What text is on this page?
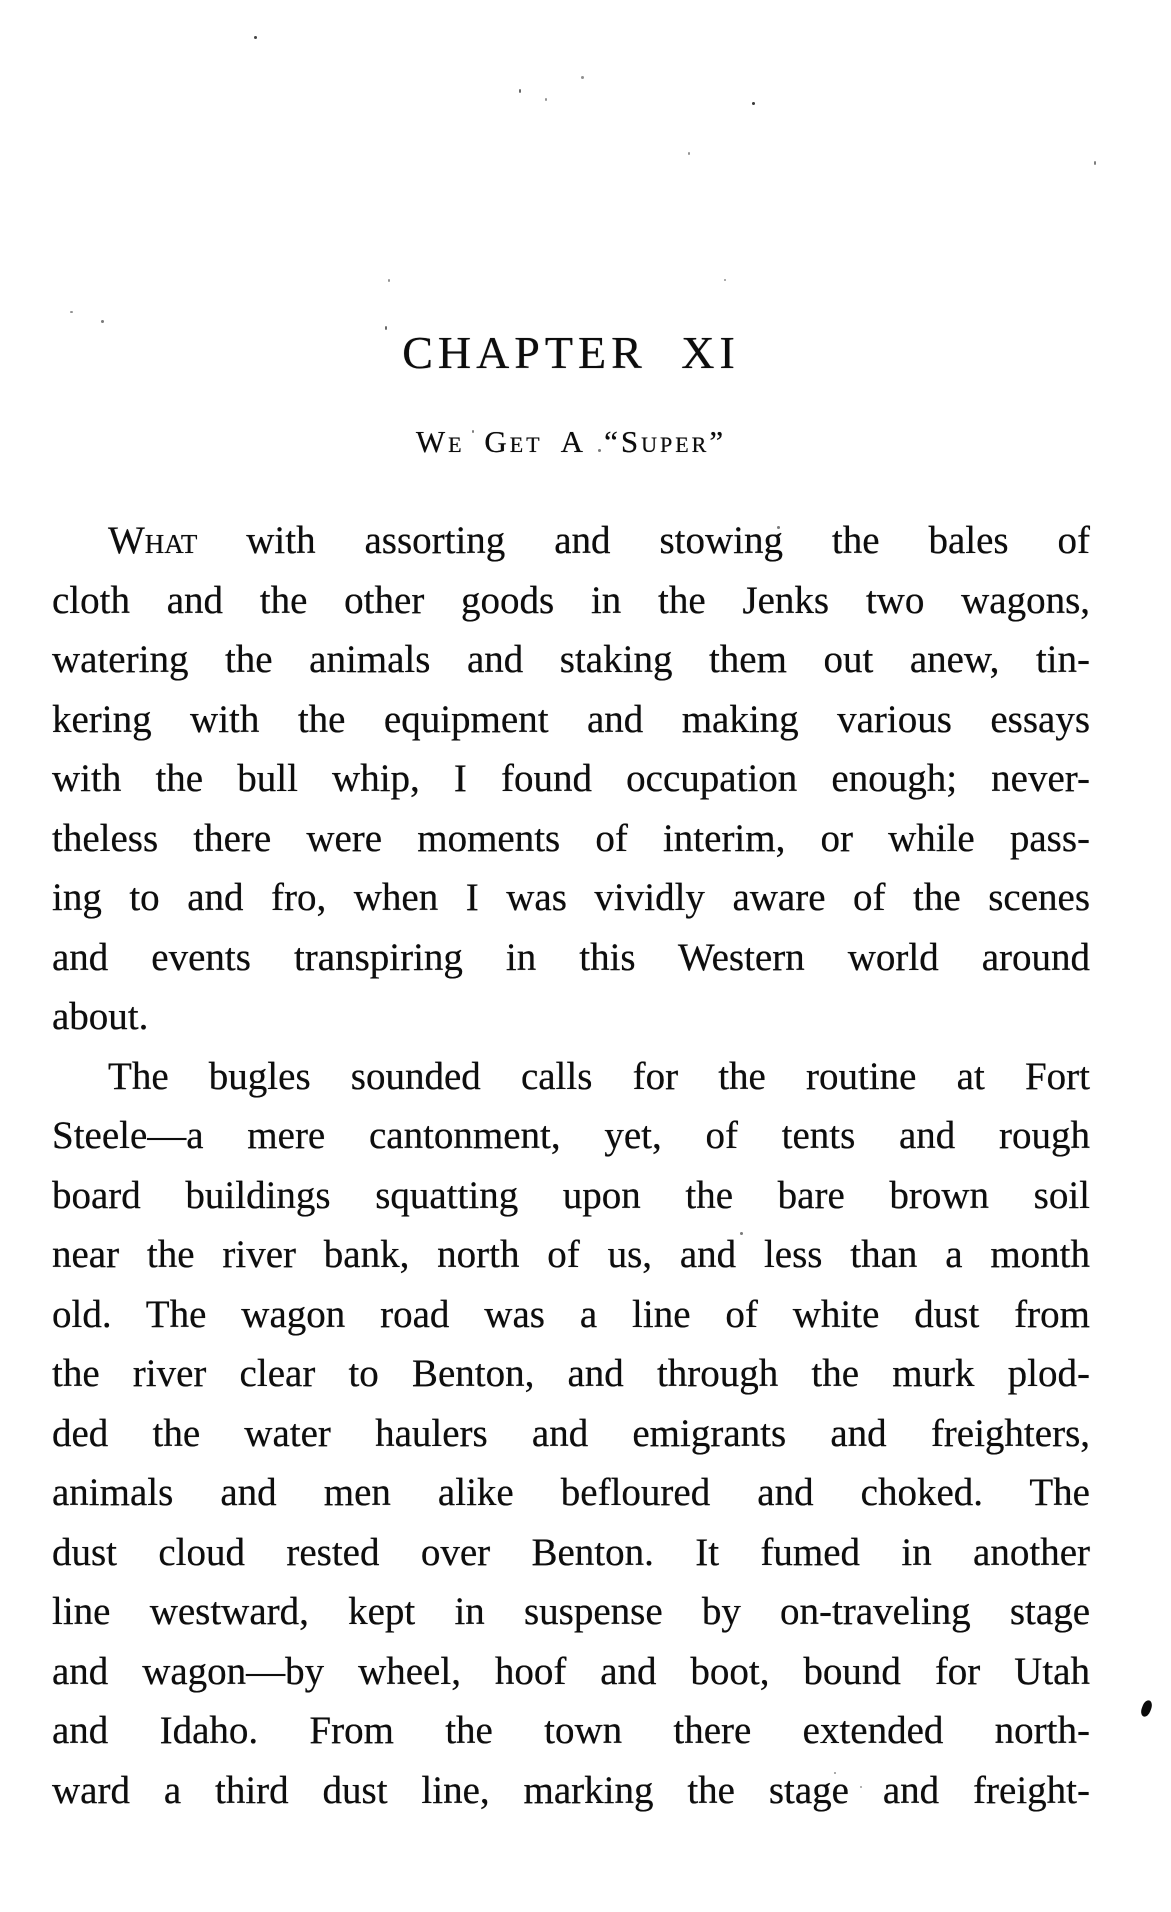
CHAPTER XI
We Get A “Super”
What with assorting and stowing the bales of
cloth and the other goods in the Jenks two wagons,
watering the animals and staking them out anew, tin-
kering with the equipment and making various essays
with the bull whip, I found occupation enough; never-
theless there were moments of interim, or while pass-
ing to and fro, when I was vividly aware of the scenes
and events transpiring in this Western world around
about.
The bugles sounded calls for the routine at Fort
Steele—a mere cantonment, yet, of tents and rough
board buildings squatting upon the bare brown soil
near the river bank, north of us, and less than a month
old. The wagon road was a line of white dust from
the river clear to Benton, and through the murk plod-
ded the water haulers and emigrants and freighters,
animals and men alike befloured and choked. The
dust cloud rested over Benton. It fumed in another
line westward, kept in suspense by on-traveling stage
and wagon—by wheel, hoof and boot, bound for Utah
and Idaho. From the town there extended north-
ward a third dust line, marking the stage and freight-
